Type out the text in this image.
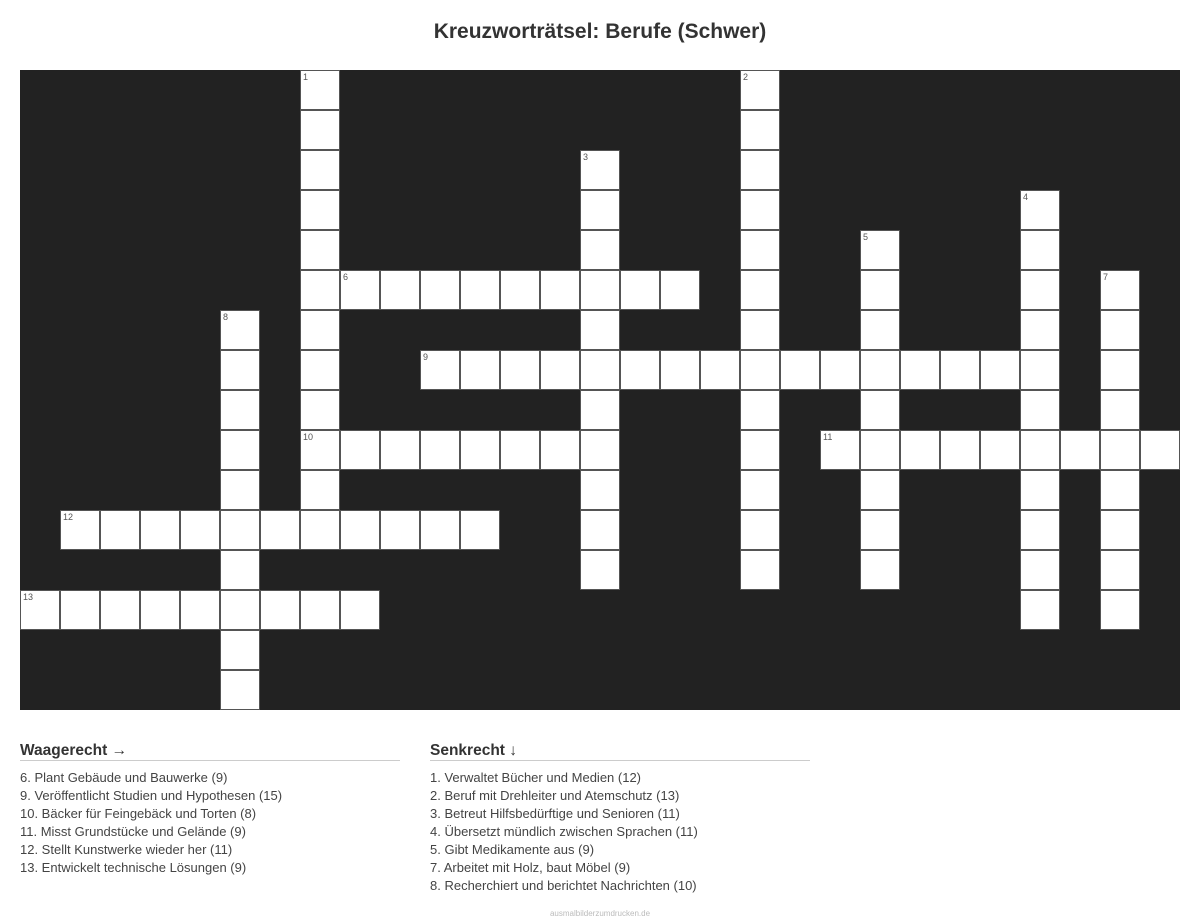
Kreuzworträtsel: Berufe (Schwer)
1
10
2
3
4
5
6	7
8
9
11
12
13
Waagerecht →
6. Plant Gebäude und Bauwerke (9)
9. Veröffentlicht Studien und Hypothesen (15)
10. Bäcker für Feingebäck und Torten (8)
11. Misst Grundstücke und Gelände (9)
12. Stellt Kunstwerke wieder her (11)
13. Entwickelt technische Lösungen (9)
Senkrecht ↓
1. Verwaltet Bücher und Medien (12)
2. Beruf mit Drehleiter und Atemschutz (13)
3. Betreut Hilfsbedürftige und Senioren (11)
4. Übersetzt mündlich zwischen Sprachen (11)
5. Gibt Medikamente aus (9)
7. Arbeitet mit Holz, baut Möbel (9)
8. Recherchiert und berichtet Nachrichten (10)
ausmalbilderzumdrucken.de
